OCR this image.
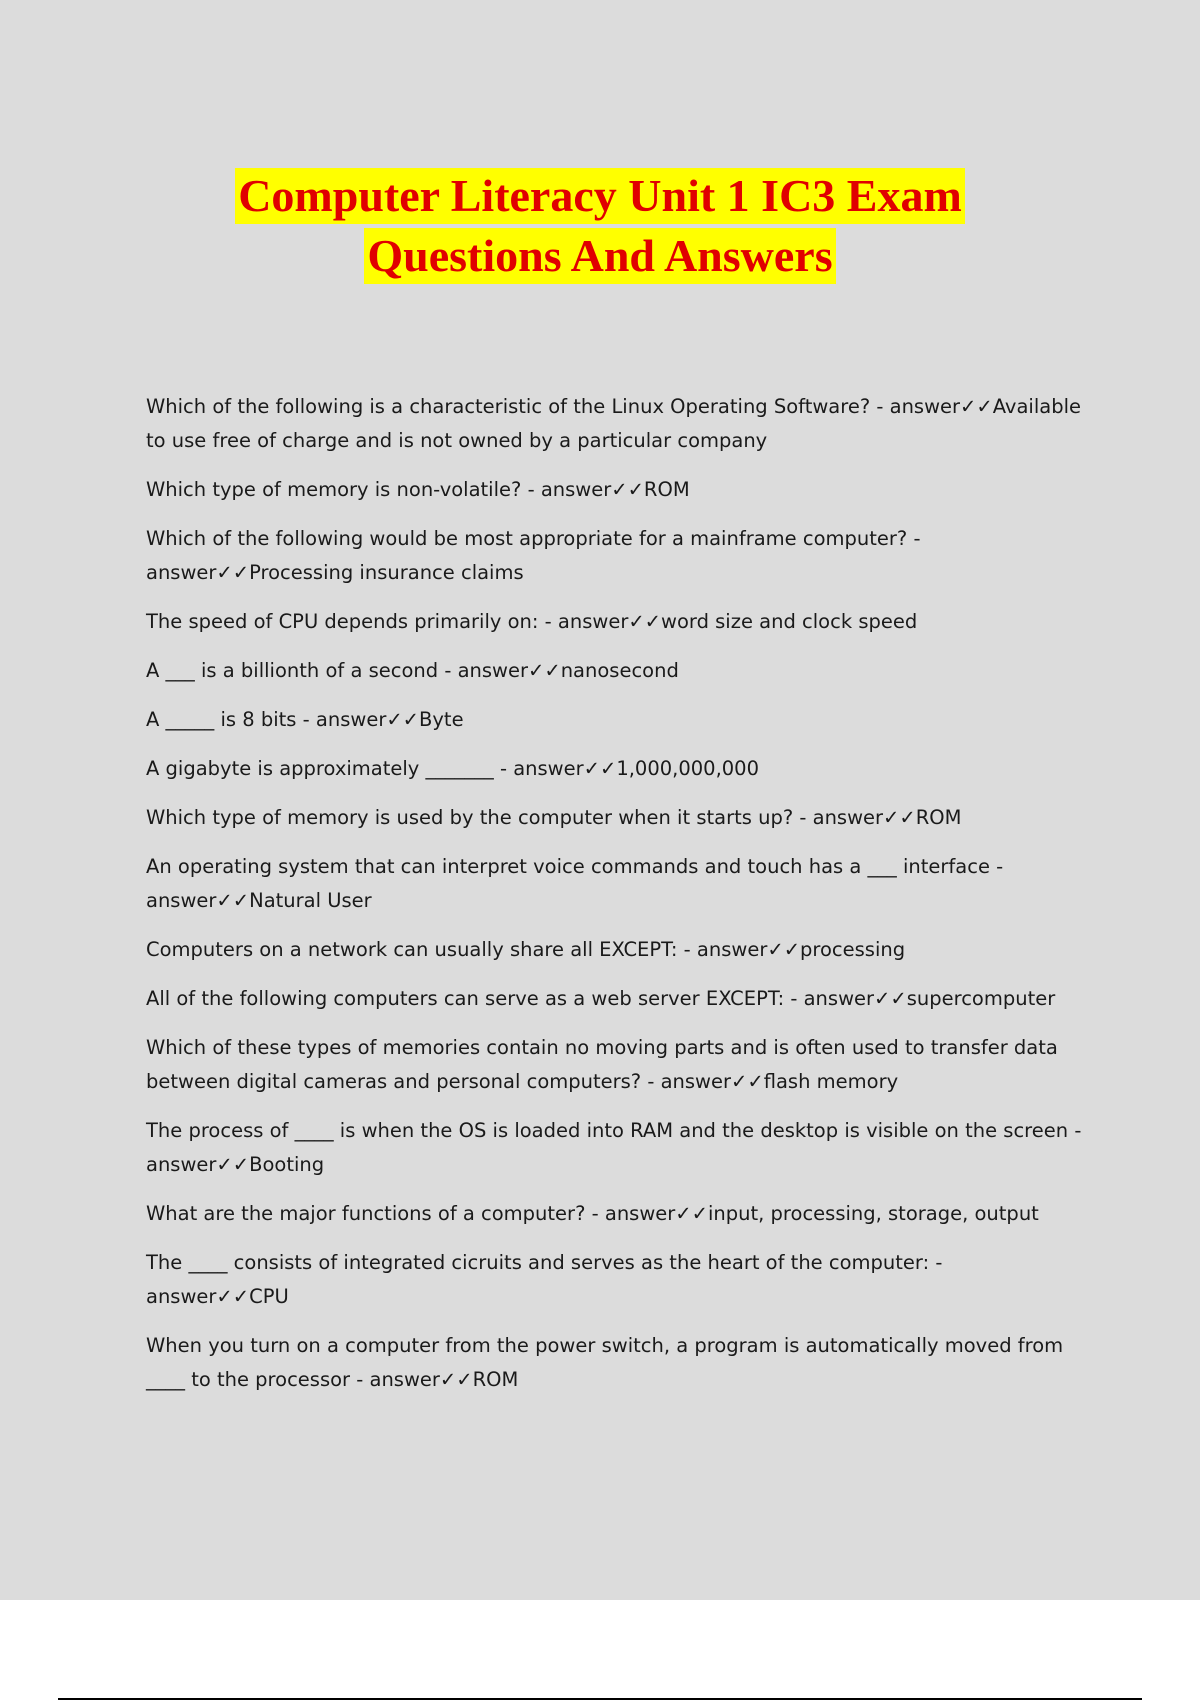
Computer Literacy Unit 1 IC3 Exam
Questions And Answers
Which of the following is a characteristic of the Linux Operating Software? - answer✓✓Available to use free of charge and is not owned by a particular company
Which type of memory is non-volatile? - answer✓✓ROM
Which of the following would be most appropriate for a mainframe computer? - answer✓✓Processing insurance claims
The speed of CPU depends primarily on: - answer✓✓word size and clock speed
A ___ is a billionth of a second - answer✓✓nanosecond
A _____ is 8 bits - answer✓✓Byte
A gigabyte is approximately _______ - answer✓✓1,000,000,000
Which type of memory is used by the computer when it starts up? - answer✓✓ROM
An operating system that can interpret voice commands and touch has a ___ interface - answer✓✓Natural User
Computers on a network can usually share all EXCEPT: - answer✓✓processing
All of the following computers can serve as a web server EXCEPT: - answer✓✓supercomputer
Which of these types of memories contain no moving parts and is often used to transfer data between digital cameras and personal computers? - answer✓✓flash memory
The process of ____ is when the OS is loaded into RAM and the desktop is visible on the screen - answer✓✓Booting
What are the major functions of a computer? - answer✓✓input, processing, storage, output
The ____ consists of integrated cicruits and serves as the heart of the computer: - answer✓✓CPU
When you turn on a computer from the power switch, a program is automatically moved from ____ to the processor - answer✓✓ROM
